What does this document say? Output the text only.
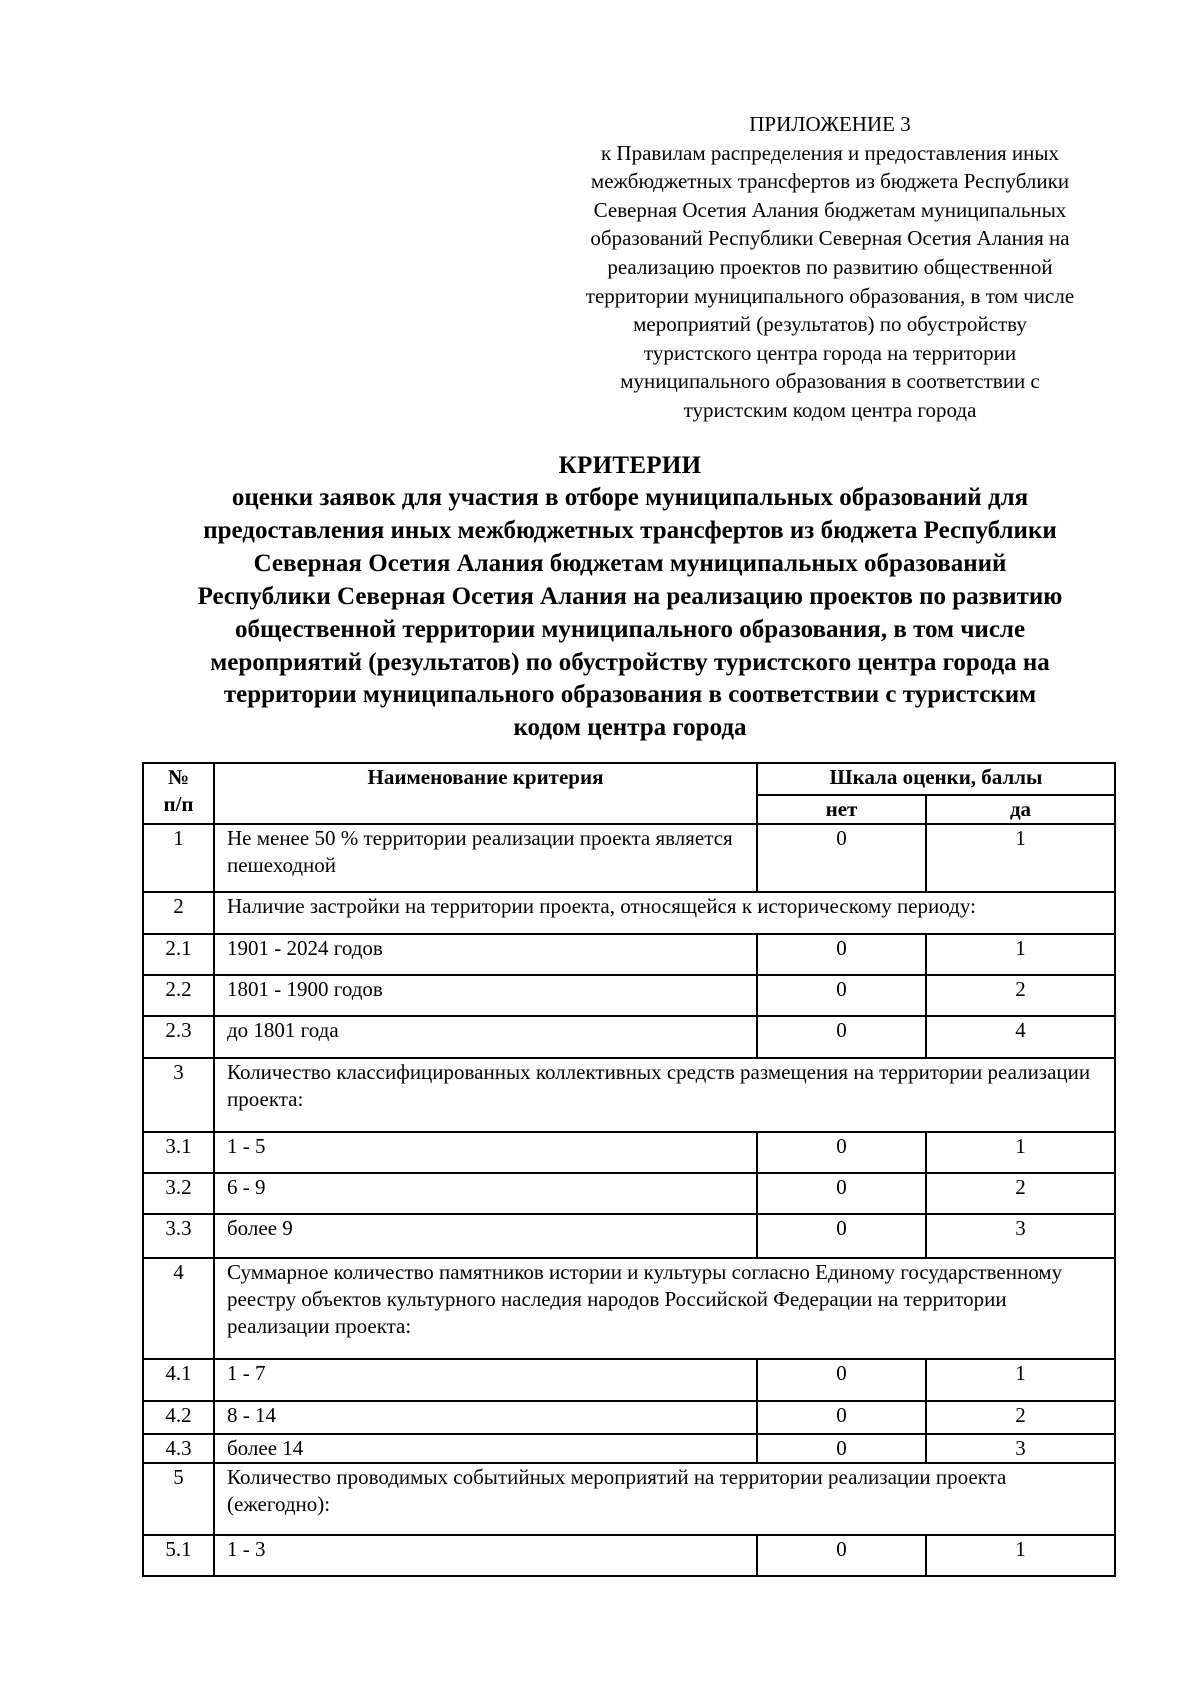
ПРИЛОЖЕНИЕ 3
к Правилам распределения и предоставления иных
межбюджетных трансфертов из бюджета Республики
Северная Осетия Алания бюджетам муниципальных
образований Республики Северная Осетия Алания на
реализацию проектов по развитию общественной
территории муниципального образования, в том числе
мероприятий (результатов) по обустройству
туристского центра города на территории
муниципального образования в соответствии с
туристским кодом центра города
КРИТЕРИИ
оценки заявок для участия в отборе муниципальных образований для
предоставления иных межбюджетных трансфертов из бюджета Республики
Северная Осетия Алания бюджетам муниципальных образований
Республики Северная Осетия Алания на реализацию проектов по развитию
общественной территории муниципального образования, в том числе
мероприятий (результатов) по обустройству туристского центра города на
территории муниципального образования в соответствии с туристским
кодом центра города
№
п/п	Наименование критерия	Шкала оценки, баллы	
		нет	да
1	Не менее 50 % территории реализации проекта является пешеходной	0	1
2	Наличие застройки на территории проекта, относящейся к историческому периоду:		
2.1	1901 - 2024 годов	0	1
2.2	1801 - 1900 годов	0	2
2.3	до 1801 года	0	4
3	Количество классифицированных коллективных средств размещения на территории реализации проекта:		
3.1	1 - 5	0	1
3.2	6 - 9	0	2
3.3	более 9	0	3
4	Суммарное количество памятников истории и культуры согласно Единому государственному реестру объектов культурного наследия народов Российской Федерации на территории реализации проекта:		
4.1	1 - 7	0	1
4.2	8 - 14	0	2
4.3	более 14	0	3
5	Количество проводимых событийных мероприятий на территории реализации проекта (ежегодно):		
5.1	1 - 3	0	1
